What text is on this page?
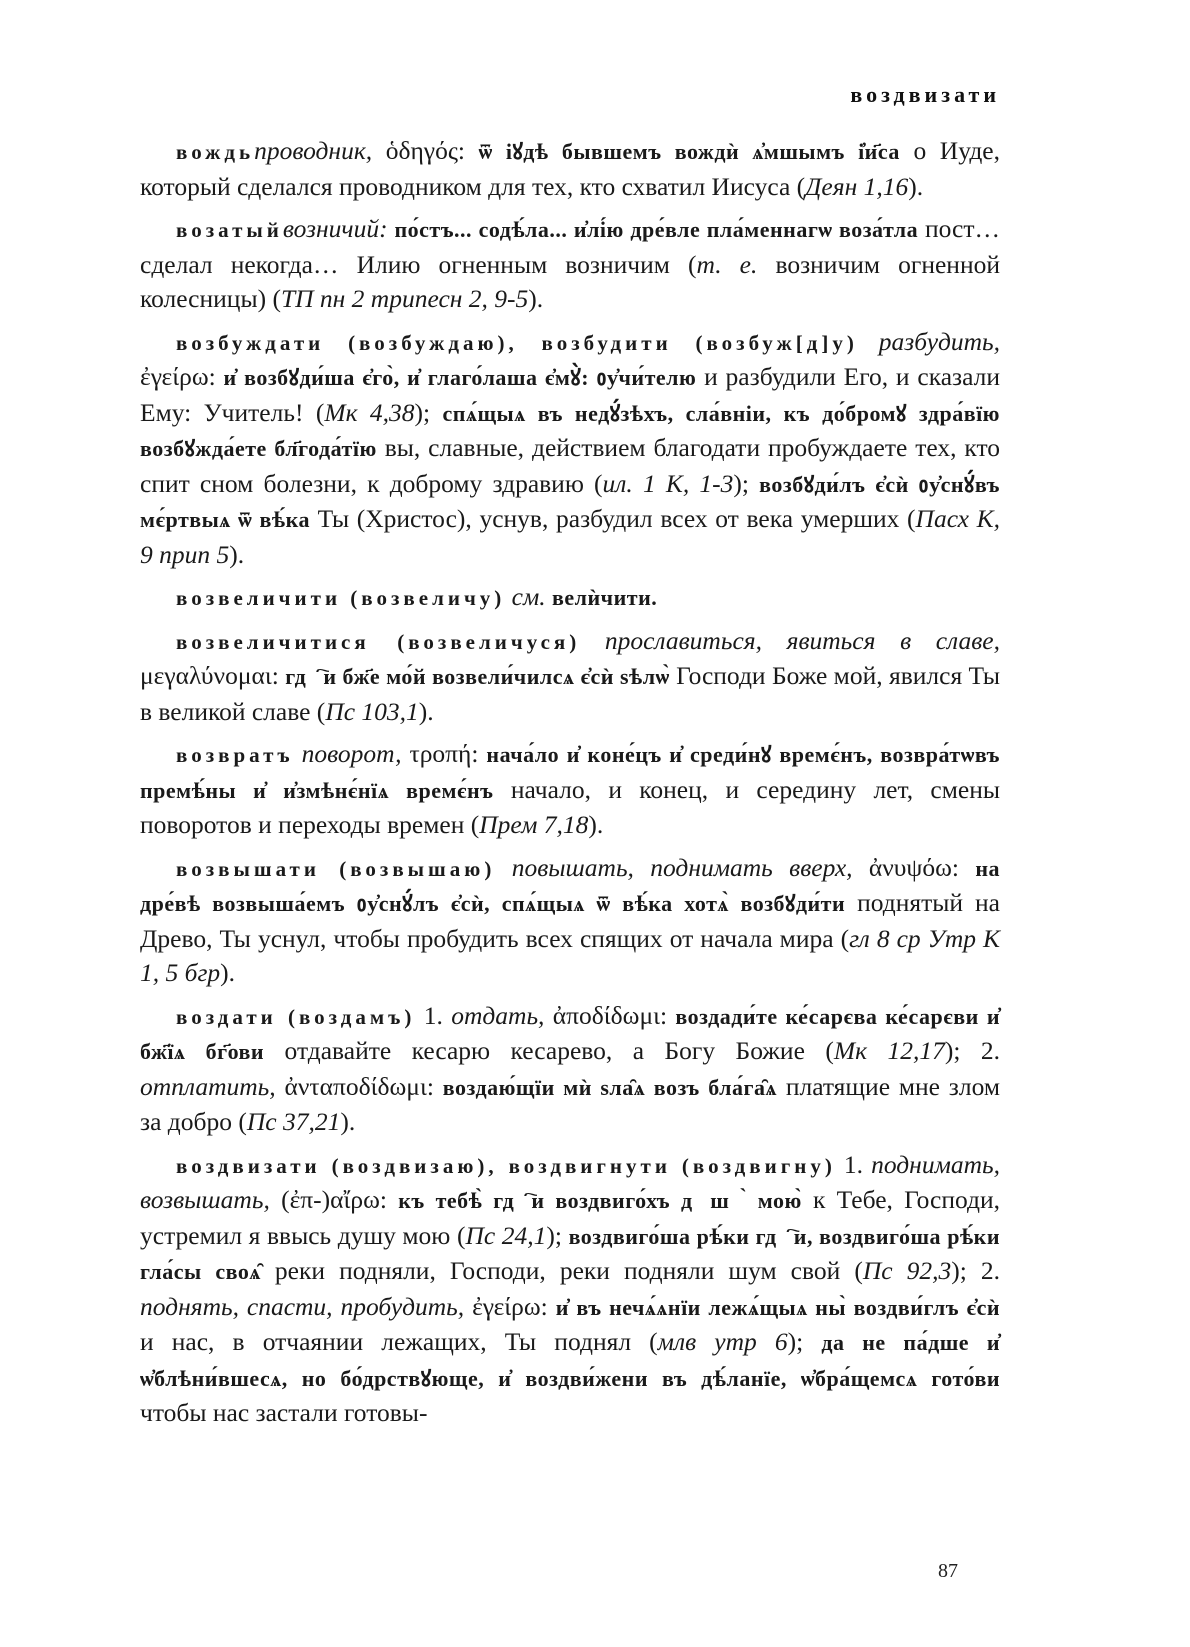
воздвизати

вождьпроводник, ὁδηγός: ѿ іꙋдѣ бывшемъ вождѝ ѧ҆мшымъ і҆и҃са о Иуде, который сделался проводником для тех, кто схватил Иисуса (Деян 1,16).

возатыйвозничий: по́стъ... содѣ́ла... и҆лі́ю дре́вле пла́меннагѡ воза́тла пост… сделал некогда… Илию огненным возничим (т. е. возничим огненной колесницы) (ТП пн 2 трипесн 2, 9-5).

возбуждати (возбуждаю), возбудити (возбуж[д]у) разбудить, ἐγείρω: и҆ возбꙋди́ша є҆го̀, и҆ глаго́лаша є҆мꙋ̀: ᲂу҆чи́телю и разбудили Его, и сказали Ему: Учитель! (Мк 4,38); спѧ́щыѧ въ недꙋ́зѣхъ, сла́вніи, къ до́бромꙋ здра́вїю возбꙋжда́ете бл҃года́тїю вы, славные, действием благодати пробуждаете тех, кто спит сном болезни, к доброму здравию (ил. 1 К, 1-3); возбꙋди́лъ є҆сѝ ᲂу҆снꙋ́въ мє́ртвыѧ ѿ вѣ́ка Ты (Христос), уснув, разбудил всех от века умерших (Пасх К, 9 прип 5).

возвеличити (возвеличу) см. велѝчити.

возвеличитися (возвеличуся) прославиться, явиться в славе, μεγαλύνομαι: гдⷭ҇и бж҃е мо́й возвели́чилсѧ є҆сѝ ѕѣлѡ̀ Господи Боже мой, явился Ты в великой славе (Пс 103,1).

возвратъ поворот, τροπή: нача́ло и҆ коне́цъ и҆ среди́нꙋ времє́нъ, возвра́тѡвъ премѣ́ны и҆ и҆змѣнє́нїѧ времє́нъ начало, и конец, и середину лет, смены поворотов и переходы времен (Прем 7,18).

возвышати (возвышаю) повышать, поднимать вверх, ἀνυψόω: на дре́вѣ возвыша́емъ ᲂу҆снꙋ́лъ є҆сѝ, спѧ́щыѧ ѿ вѣ́ка хотѧ̀ возбꙋди́ти поднятый на Древо, Ты уснул, чтобы пробудить всех спящих от начала мира (гл 8 ср Утр К 1, 5 бгр).

воздати (воздамъ) 1. отдать, ἀποδίδωμι: воздади́те ке́сарєва ке́сарєви и҆ бж҃їѧ бг҃ови отдавайте кесарю кесарево, а Богу Божие (Мк 12,17); 2. отплатить, ἀνταποδίδωμι: воздаю́щїи мѝ ѕла̑ѧ возъ бла́га̑ѧ платящие мне злом за добро (Пс 37,21).

воздвизати (воздвизаю), воздвигнути (воздвигну) 1. поднимать, возвышать, (ἐπ-)αἴρω: къ тебѣ̀ гдⷭ҇и воздвиго́хъ дꙋшꙋ̀ мою̀ к Тебе, Господи, устремил я ввысь душу мою (Пс 24,1); воздвиго́ша рѣ́ки гдⷭ҇и, воздвиго́ша рѣ́ки гла́сы своѧ̑ реки подняли, Господи, реки подняли шум свой (Пс 92,3); 2. поднять, спасти, пробудить, ἐγείρω: и҆ въ нечѧ́ѧнїи лежѧ́щыѧ ны̀ воздви́глъ є҆сѝ и нас, в отчаянии лежащих, Ты поднял (млв утр 6); да не па́дше и҆ ѡ҆блѣни́вшесѧ, но бо́дрствꙋюще, и҆ воздви́жени въ дѣ́ланїе, ѡ҆бра́щемсѧ гото́ви чтобы нас застали готовы-

87
